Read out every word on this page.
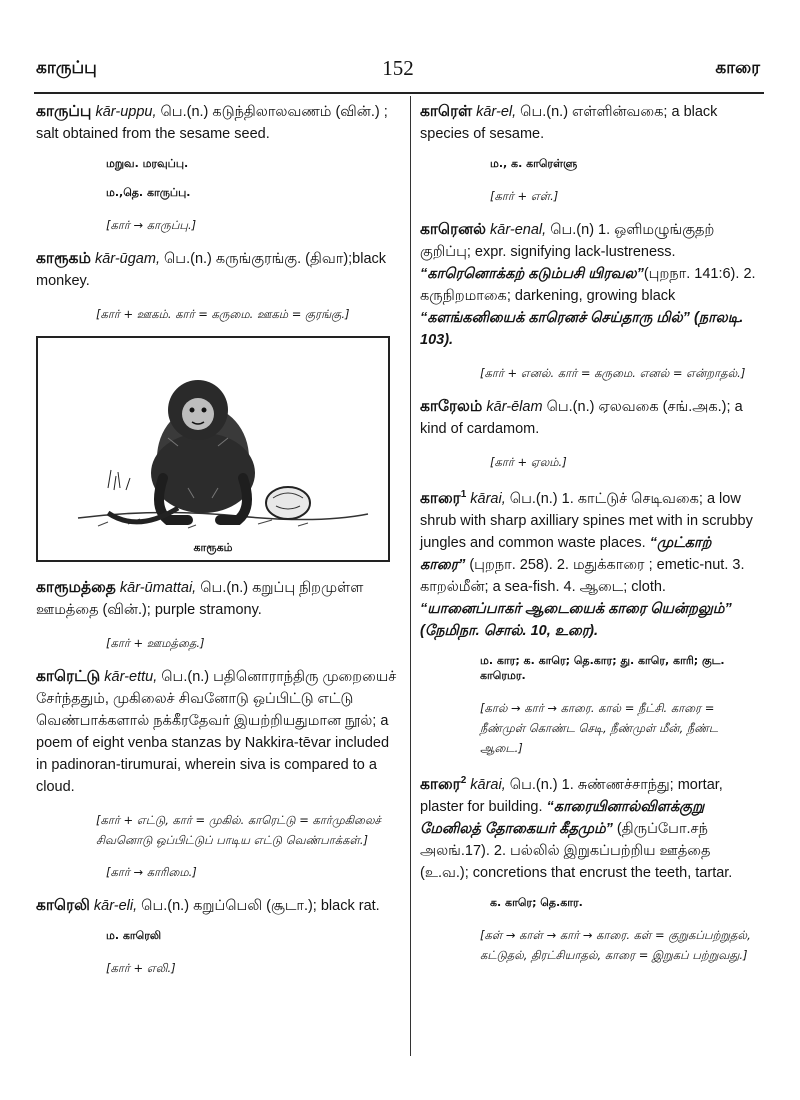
காருப்பு	152	காரை
காருப்பு kār-uppu, பெ.(n.) கடுந்திலாலவணம் (வின்.) ; salt obtained from the sesame seed.
மறுவ. மரவுப்பு.
ம.,தெ. காருப்பு.
[கார் → காருப்பு.]
காரூகம் kār-ūgam, பெ.(n.) கருங்குரங்கு. (திவா);black monkey.
[கார் + ஊகம். கார் = கருமை. ஊகம் = குரங்கு.]
காரூகம்
காரூமத்தை kār-ūmattai, பெ.(n.) கறுப்பு நிறமுள்ள ஊமத்தை (வின்.); purple stramony.
[கார் + ஊமத்தை.]
காரெட்டு kār-ettu, பெ.(n.) பதினொராந்திரு முறையைச் சேர்ந்ததும், முகிலைச் சிவனோடு ஒப்பிட்டு எட்டு வெண்பாக்களால் நக்கீரதேவர் இயற்றியதுமான நூல்; a poem of eight venba stanzas by Nakkira-tēvar included in padinoran-tirumurai, wherein siva is compared to a cloud.
[கார் + எட்டு, கார் = முகில். காரெட்டு = கார்முகிலைச் சிவனொடு ஒப்பிட்டுப் பாடிய எட்டு வெண்பாக்கள்.]
[கார் → காரிமை.]
காரெலி kār-eli, பெ.(n.) கறுப்பெலி (சூடா.); black rat.
ம. காரெலி
[கார் + எலி.]
காரெள் kār-el, பெ.(n.) எள்ளின்வகை; a black species of sesame.
ம., க. காரெள்ளு
[கார் + எள்.]
காரெனல் kār-enal, பெ.(n) 1. ஒளிமழுங்குதற் குறிப்பு; expr. signifying lack-lustreness. “காரெனொக்கற் கடும்பசி யிரவல”(புறநா. 141:6). 2. கருநிறமாகை; darkening, growing black “களங்கனியைக் காரெனச் செய்தாரு மில்” (நாலடி. 103).
[கார் + எனல். கார் = கருமை. எனல் = என்றாதல்.]
காரேலம் kār-ēlam பெ.(n.) ஏலவகை (சங்.அக.); a kind of cardamom.
[கார் + ஏலம்.]
காரை$^1$ kārai, பெ.(n.) 1. காட்டுச் செடிவகை; a low shrub with sharp axilliary spines met with in scrubby jungles and common waste places. “முட்காற் காரை” (புறநா. 258). 2. மதுக்காரை ; emetic-nut. 3. காறல்மீன்; a sea-fish. 4. ஆடை; cloth. “யானைப்பாகர் ஆடையைக் காரை யென்றலும்” (நேமிநா. சொல். 10, உரை).
ம. கார; க. காரெ; தெ.கார; து. காரெ, காரி; குட. காரெமர.
[கால் → கார் → காரை. கால் = நீட்சி. காரை = நீண்முள் கொண்ட செடி, நீண்முள் மீன், நீண்ட ஆடை.]
காரை$^2$ kārai, பெ.(n.) 1. சுண்ணச்சாந்து; mortar, plaster for building. “காரையினால்விளக்குறு மேனிலத் தோகையர் கீதமும்” (திருப்போ.சந் அலங்.17). 2. பல்லில் இறுகப்பற்றிய ஊத்தை (உ.வ.); concretions that encrust the teeth, tartar.
க. காரெ; தெ.கார.
[கள் → காள் → கார் → காரை. கள் = குறுகப்பற்றுதல், கட்டுதல், திரட்சியாதல், காரை = இறுகப் பற்றுவது.]
